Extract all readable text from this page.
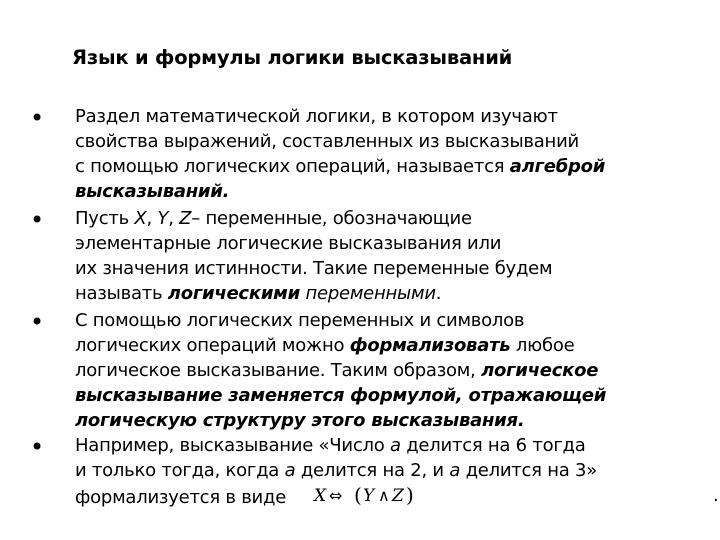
Язык и формулы логики высказываний
• Раздел математической логики, в котором изучают
свойства выражений, составленных из высказываний
с помощью логических операций, называется алгеброй
высказываний.
• Пусть X, Y, Z– переменные, обозначающие
элементарные логические высказывания или
их значения истинности. Такие переменные будем
называть логическими переменными.
• С помощью логических переменных и символов
логических операций можно формализовать любое
логическое высказывание. Таким образом, логическое
высказывание заменяется формулой, отражающей
логическую структуру этого высказывания.
• Например, высказывание «Число a делится на 6 тогда
и только тогда, когда a делится на 2, и a делится на 3»
формализуется в виде X ⇔ ( Y ∧ Z )	.
